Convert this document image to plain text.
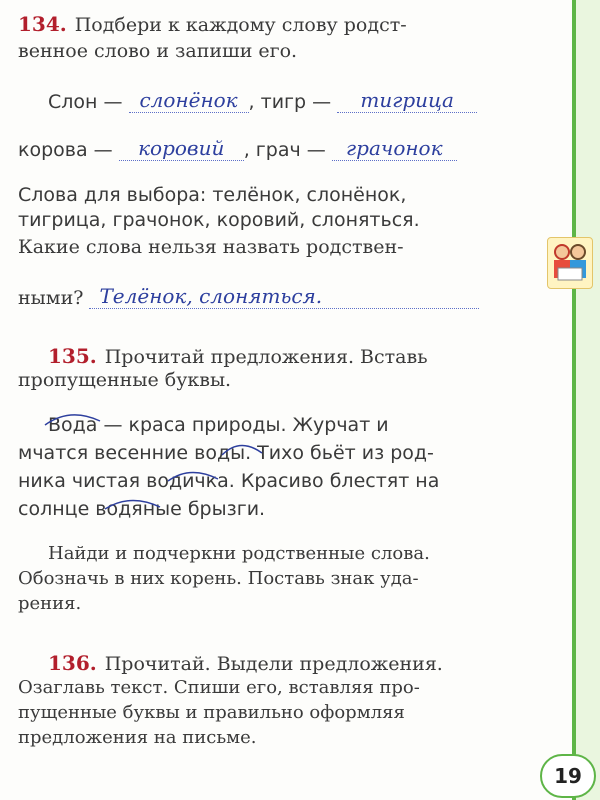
134. Подбери к каждому слову родст-
венное слово и запиши его.
Слон — слонёнок , тигр — тигрица
корова — коровий , грач — грачонок
Слова для выбора: телёнок, слонёнок,
тигрица, грачонок, коровий, слоняться.
Какие слова нельзя назвать родствен-
ными? Телёнок, слоняться.
135. Прочитай предложения. Вставь
пропущенные буквы.
Вода — краса природы. Журчат и
мчатся весенние воды. Тихо бьёт из род-
ника чистая водичка. Красиво блестят на
солнце водяные брызги.
Найди и подчеркни родственные слова.
Обозначь в них корень. Поставь знак уда-
рения.
136. Прочитай. Выдели предложения.
Озаглавь текст. Спиши его, вставляя про-
пущенные буквы и правильно оформляя
предложения на письме.
19
